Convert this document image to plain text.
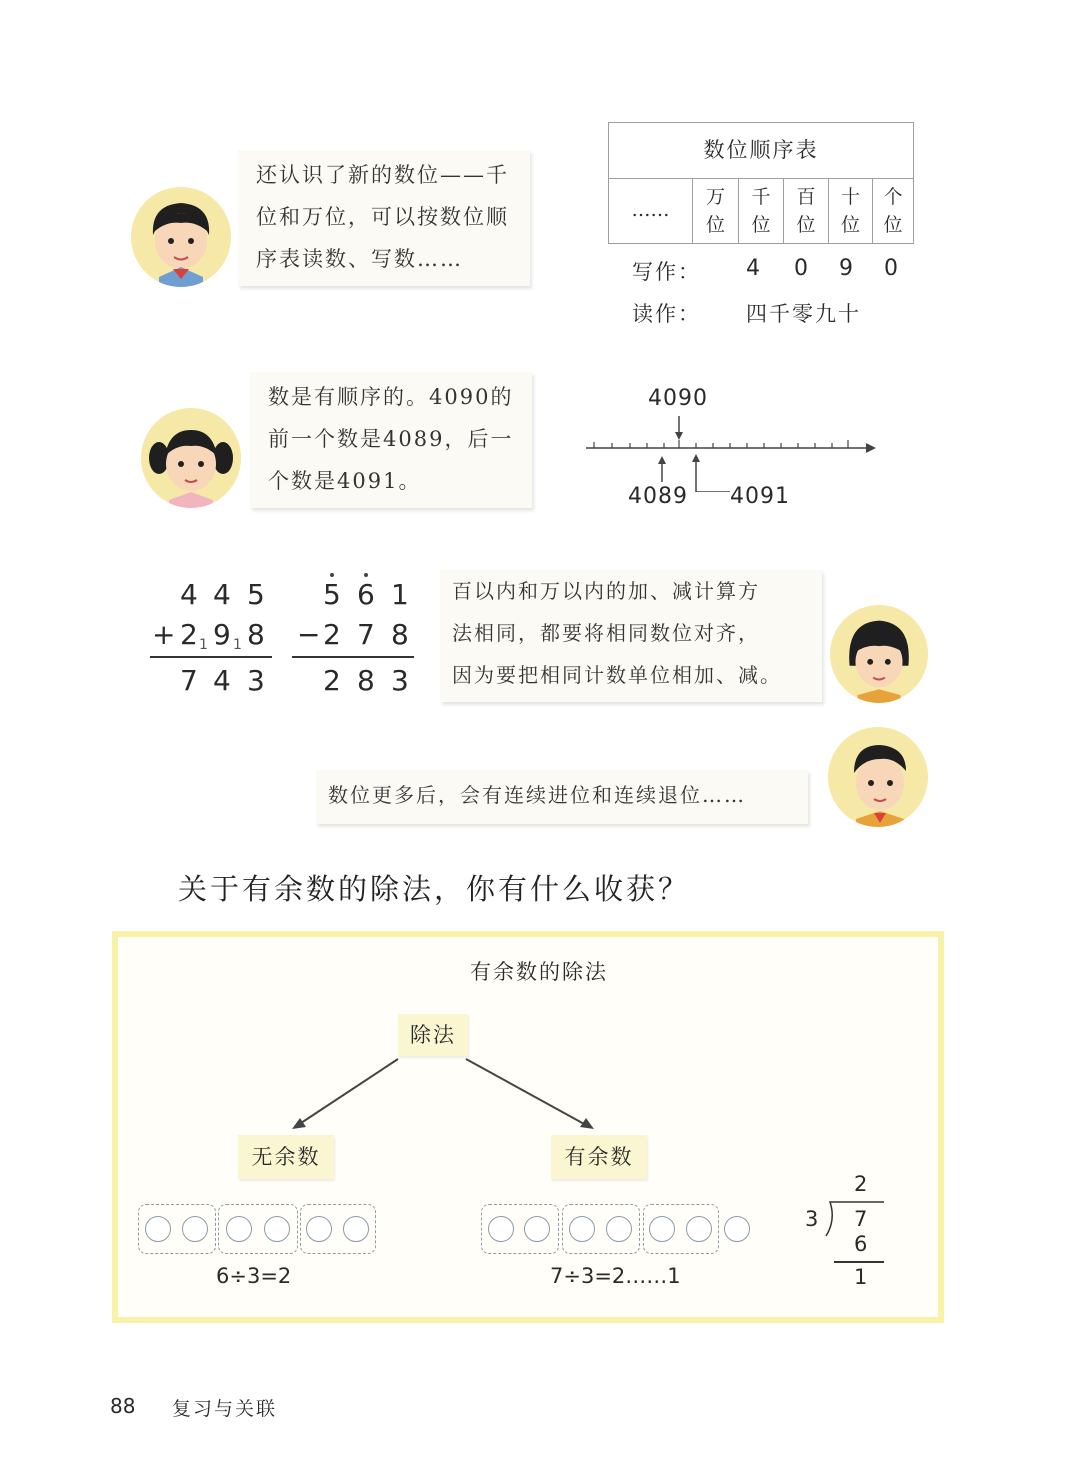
还认识了新的数位——千

位和万位，可以按数位顺

序表读数、写数……

数位顺序表
……
万
位
千
位
百
位
十
位
个
位
写作： 4 0 9 0
读作： 四千零九十

数是有顺序的。4090的

前一个数是4089，后一

个数是4091。

4090
4089 4091
4 4 5
+ 2 1 9 1 8
7 4 3
5 6 1
− 2 7 8
2 8 3

百以内和万以内的加、减计算方

法相同，都要将相同数位对齐，

因为要把相同计数单位相加、减。

数位更多后，会有连续进位和连续退位……

关于有余数的除法，你有什么收获？
有余数的除法
除法
无余数	有余数
6÷3=2	7÷3=2……1
2
3 7
6
1
88 复习与关联
